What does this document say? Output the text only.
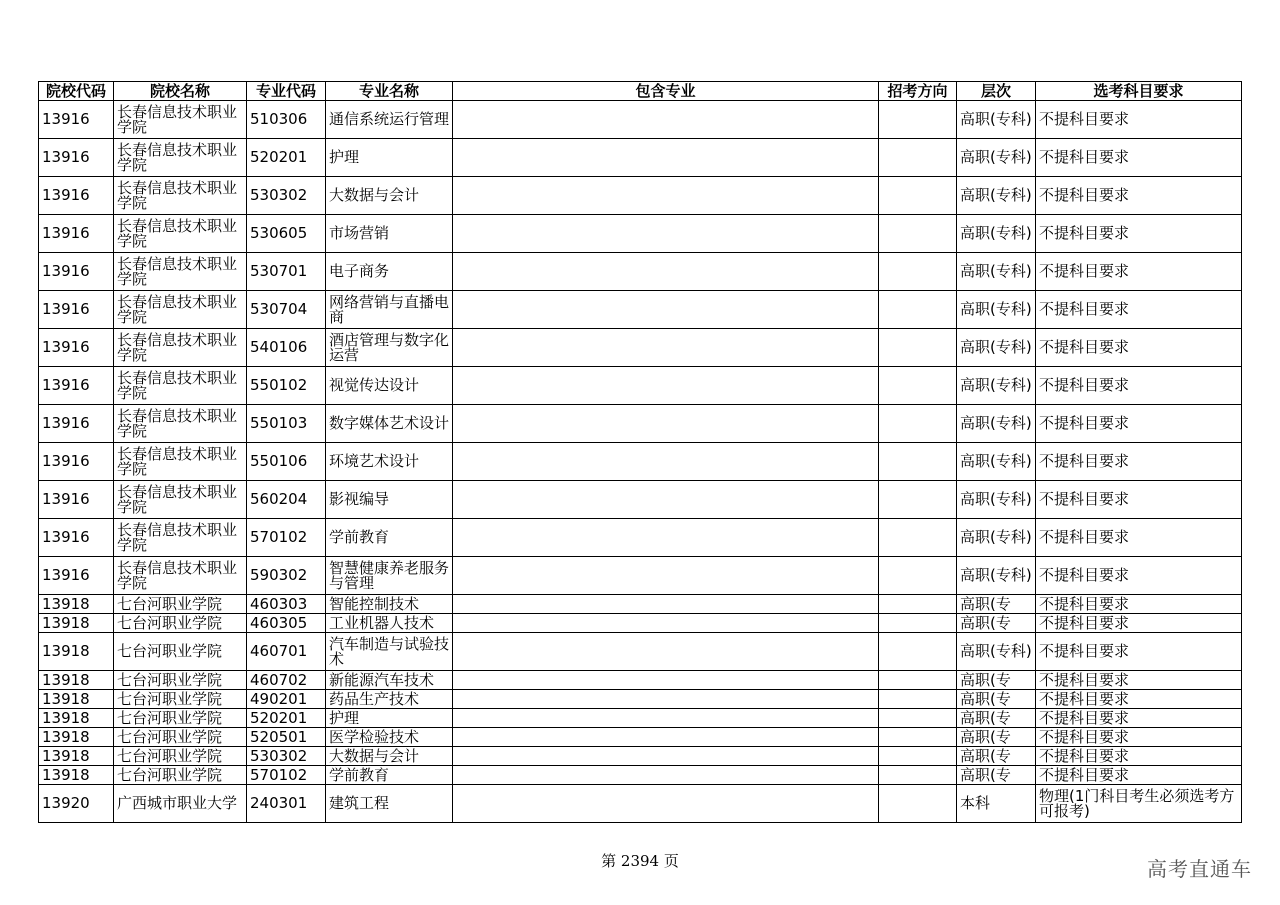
院校代码	院校名称	专业代码	专业名称	包含专业	招考方向	层次	选考科目要求
13916	长春信息技术职业学院	510306	通信系统运行管理			高职(专科)	不提科目要求
13916	长春信息技术职业学院	520201	护理			高职(专科)	不提科目要求
13916	长春信息技术职业学院	530302	大数据与会计			高职(专科)	不提科目要求
13916	长春信息技术职业学院	530605	市场营销			高职(专科)	不提科目要求
13916	长春信息技术职业学院	530701	电子商务			高职(专科)	不提科目要求
13916	长春信息技术职业学院	530704	网络营销与直播电商			高职(专科)	不提科目要求
13916	长春信息技术职业学院	540106	酒店管理与数字化运营			高职(专科)	不提科目要求
13916	长春信息技术职业学院	550102	视觉传达设计			高职(专科)	不提科目要求
13916	长春信息技术职业学院	550103	数字媒体艺术设计			高职(专科)	不提科目要求
13916	长春信息技术职业学院	550106	环境艺术设计			高职(专科)	不提科目要求
13916	长春信息技术职业学院	560204	影视编导			高职(专科)	不提科目要求
13916	长春信息技术职业学院	570102	学前教育			高职(专科)	不提科目要求
13916	长春信息技术职业学院	590302	智慧健康养老服务与管理			高职(专科)	不提科目要求
13918	七台河职业学院	460303	智能控制技术			高职(专	不提科目要求
13918	七台河职业学院	460305	工业机器人技术			高职(专	不提科目要求
13918	七台河职业学院	460701	汽车制造与试验技术			高职(专科)	不提科目要求
13918	七台河职业学院	460702	新能源汽车技术			高职(专	不提科目要求
13918	七台河职业学院	490201	药品生产技术			高职(专	不提科目要求
13918	七台河职业学院	520201	护理			高职(专	不提科目要求
13918	七台河职业学院	520501	医学检验技术			高职(专	不提科目要求
13918	七台河职业学院	530302	大数据与会计			高职(专	不提科目要求
13918	七台河职业学院	570102	学前教育			高职(专	不提科目要求
13920	广西城市职业大学	240301	建筑工程			本科	物理(1门科目考生必须选考方可报考)
第 2394 页	高考直通车
